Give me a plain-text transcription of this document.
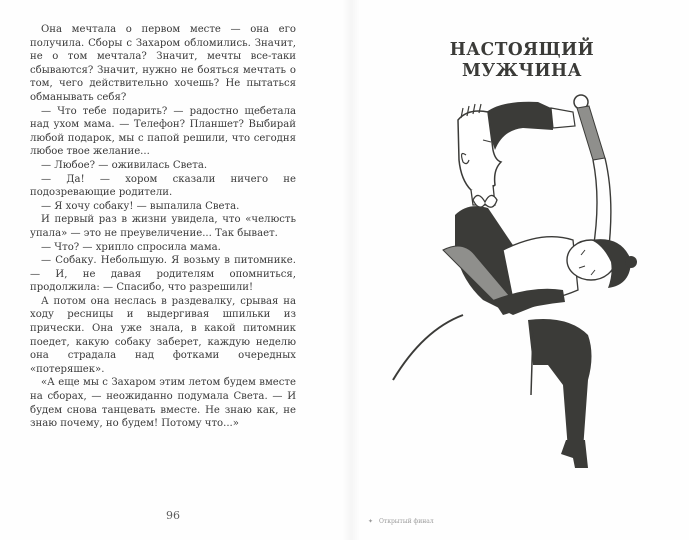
Она мечтала о первом месте — она его получила. Сборы с Захаром обломились. Значит, не о том мечтала? Значит, мечты все-таки сбываются? Значит, нужно не бояться мечтать о том, чего действительно хочешь? Не пытаться обманывать себя?

— Что тебе подарить? — радостно щебетала над ухом мама. — Телефон? Планшет? Выбирай любой подарок, мы с папой решили, что сегодня любое твое желание...

— Любое? — оживилась Света.

— Да! — хором сказали ничего не подозревающие родители.

— Я хочу собаку! — выпалила Света.

И первый раз в жизни увидела, что «челюсть упала» — это не преувеличение... Так бывает.

— Что? — хрипло спросила мама.

— Собаку. Небольшую. Я возьму в питомнике. — И, не давая родителям опомниться, продолжила: — Спасибо, что разрешили!

А потом она неслась в раздевалку, срывая на ходу ресницы и выдергивая шпильки из прически. Она уже знала, в какой питомник поедет, какую собаку заберет, каждую неделю она страдала над фотками очередных «потеряшек».

«А еще мы с Захаром этим летом будем вместе на сборах, — неожиданно подумала Света. — И будем снова танцевать вместе. Не знаю как, не знаю почему, но будем! Потому что...»

96
НАСТОЯЩИЙ МУЖЧИНА
✦ Открытый финал
